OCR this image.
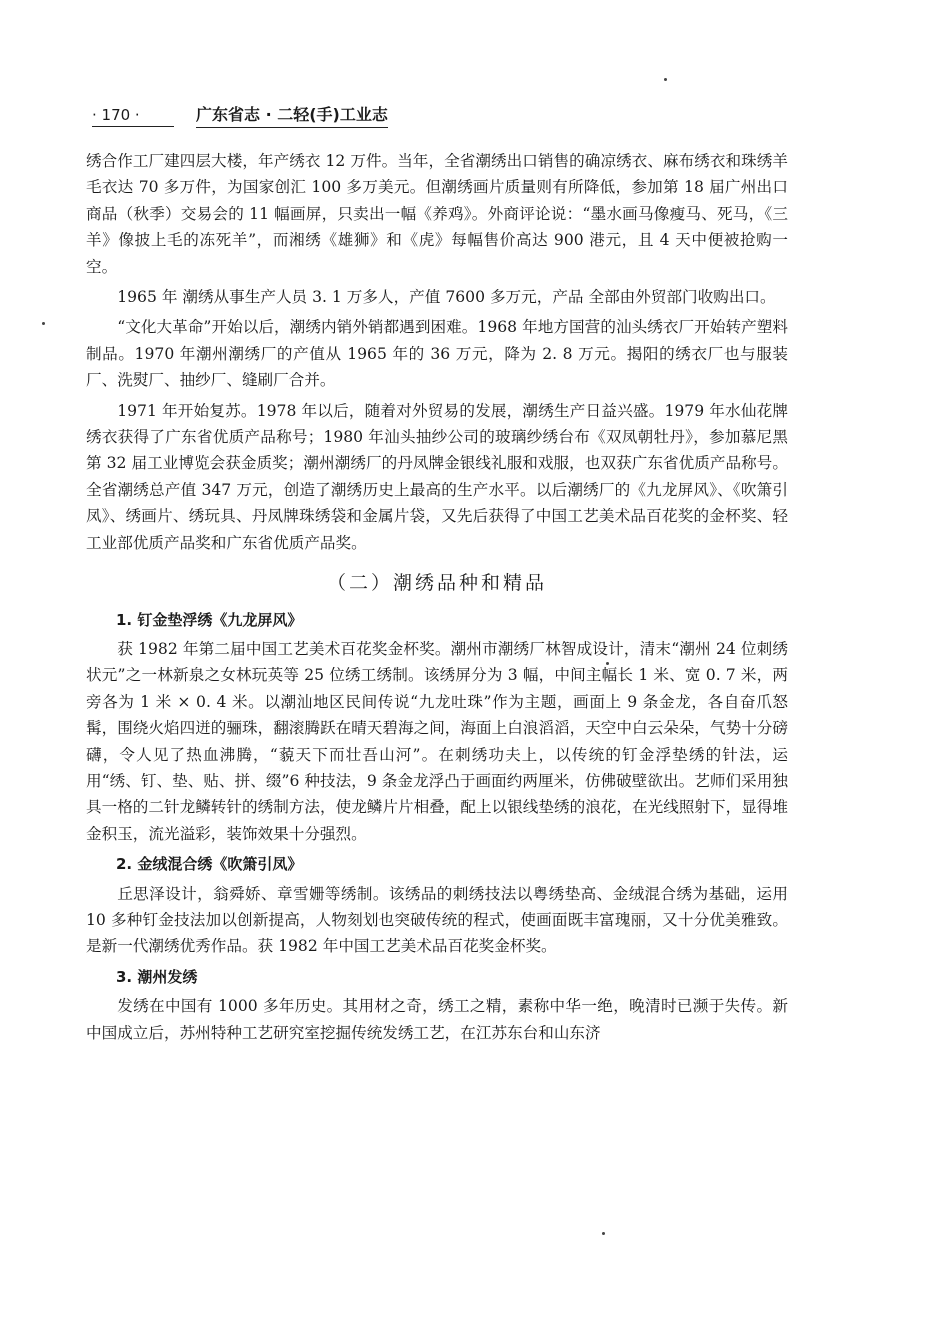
· 170 ·	广东省志 · 二轻(手)工业志

绣合作工厂建四层大楼，年产绣衣 12 万件。当年，全省潮绣出口销售的确凉绣衣、麻布绣衣和珠绣羊毛衣达 70 多万件，为国家创汇 100 多万美元。但潮绣画片质量则有所降低，参加第 18 届广州出口商品（秋季）交易会的 11 幅画屏，只卖出一幅《养鸡》。外商评论说：“墨水画马像瘦马、死马，《三羊》像披上毛的冻死羊”，而湘绣《雄狮》和《虎》每幅售价高达 900 港元，且 4 天中便被抢购一空。

1965 年 潮绣从事生产人员 3. 1 万多人，产值 7600 多万元，产品 全部由外贸部门收购出口。

“文化大革命”开始以后，潮绣内销外销都遇到困难。1968 年地方国营的汕头绣衣厂开始转产塑料制品。1970 年潮州潮绣厂的产值从 1965 年的 36 万元，降为 2. 8 万元。揭阳的绣衣厂也与服装厂、洗熨厂、抽纱厂、缝刷厂合并。

1971 年开始复苏。1978 年以后，随着对外贸易的发展，潮绣生产日益兴盛。1979 年水仙花牌绣衣获得了广东省优质产品称号；1980 年汕头抽纱公司的玻璃纱绣台布《双凤朝牡丹》，参加慕尼黑第 32 届工业博览会获金质奖；潮州潮绣厂的丹凤牌金银线礼服和戏服，也双获广东省优质产品称号。全省潮绣总产值 347 万元，创造了潮绣历史上最高的生产水平。以后潮绣厂的《九龙屏风》、《吹箫引凤》、绣画片、绣玩具、丹凤牌珠绣袋和金属片袋，又先后获得了中国工艺美术品百花奖的金杯奖、轻工业部优质产品奖和广东省优质产品奖。

（二）潮绣品种和精品
1. 钉金垫浮绣《九龙屏风》

获 1982 年第二届中国工艺美术百花奖金杯奖。潮州市潮绣厂林智成设计，清末“潮州 24 位刺绣状元”之一林新泉之女林玩英等 25 位绣工绣制。该绣屏分为 3 幅，中间主幅长 1 米、宽 0. 7 米，两旁各为 1 米 × 0. 4 米。以潮汕地区民间传说“九龙吐珠”作为主题，画面上 9 条金龙，各自奋爪怒髯，围绕火焰四迸的骊珠，翻滚腾跃在晴天碧海之间，海面上白浪滔滔，天空中白云朵朵，气势十分磅礴，令人见了热血沸腾，“藐天下而壮吾山河”。在刺绣功夫上，以传统的钉金浮垫绣的针法，运用“绣、钉、垫、贴、拼、缀”6 种技法，9 条金龙浮凸于画面约两厘米，仿佛破壁欲出。艺师们采用独具一格的二针龙鳞转针的绣制方法，使龙鳞片片相叠，配上以银线垫绣的浪花，在光线照射下，显得堆金积玉，流光溢彩，装饰效果十分强烈。

2. 金绒混合绣《吹箫引凤》

丘思泽设计，翁舜娇、章雪姗等绣制。该绣品的刺绣技法以粤绣垫高、金绒混合绣为基础，运用 10 多种钉金技法加以创新提高，人物刻划也突破传统的程式，使画面既丰富瑰丽，又十分优美雅致。是新一代潮绣优秀作品。获 1982 年中国工艺美术品百花奖金杯奖。

3. 潮州发绣

发绣在中国有 1000 多年历史。其用材之奇，绣工之精，素称中华一绝，晚清时已濒于失传。新中国成立后，苏州特种工艺研究室挖掘传统发绣工艺，在江苏东台和山东济
